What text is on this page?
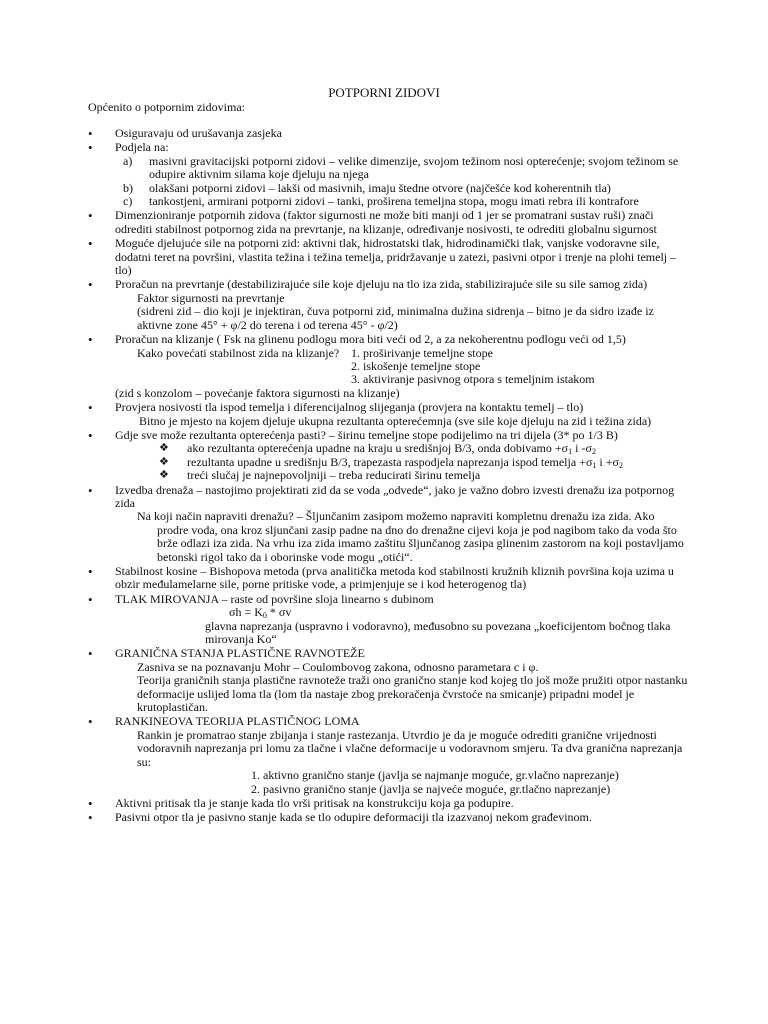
POTPORNI ZIDOVI
Općenito o potpornim zidovima:
• Osiguravaju od urušavanja zasjeka
• Podjela na:
a) masivni gravitacijski potporni zidovi – velike dimenzije, svojom težinom nosi opterećenje; svojom težinom se odupire aktivnim silama koje djeluju na njega
b) olakšani potporni zidovi – lakši od masivnih, imaju štedne otvore (najčešće kod koherentnih tla)
c) tankostjeni, armirani potporni zidovi – tanki, proširena temeljna stopa, mogu imati rebra ili kontrafore
• Dimenzioniranje potpornih zidova (faktor sigurnosti ne može biti manji od 1 jer se promatrani sustav ruši) znači odrediti stabilnost potpornog zida na prevrtanje, na klizanje, određivanje nosivosti, te odrediti globalnu sigurnost
• Moguće djelujuće sile na potporni zid: aktivni tlak, hidrostatski tlak, hidrodinamički tlak, vanjske vodoravne sile, dodatni teret na površini, vlastita težina i težina temelja, pridržavanje u zatezi, pasivni otpor i trenje na plohi temelj – tlo)
• Proračun na prevrtanje (destabilizirajuće sile koje djeluju na tlo iza zida, stabilizirajuće sile su sile samog zida)
Faktor sigurnosti na prevrtanje
(sidreni zid – dio koji je injektiran, čuva potporni zid, minimalna dužina sidrenja – bitno je da sidro izađe iz aktivne zone 45° + φ/2 do terena i od terena 45° - φ/2)
• Proračun na klizanje ( Fsk na glinenu podlogu mora biti veći od 2, a za nekoherentnu podlogu veći od 1,5)
Kako povećati stabilnost zida na klizanje? 1. proširivanje temeljne stope
2. iskošenje temeljne stope
3. aktiviranje pasivnog otpora s temeljnim istakom
(zid s konzolom – povećanje faktora sigurnosti na klizanje)
• Provjera nosivosti tla ispod temelja i diferencijalnog slijeganja (provjera na kontaktu temelj – tlo)
Bitno je mjesto na kojem djeluje ukupna rezultanta opterećemnja (sve sile koje djeluju na zid i težina zida)
• Gdje sve može rezultanta opterećenja pasti? – širinu temeljne stope podijelimo na tri dijela (3* po 1/3 B)
❖ ako rezultanta opterećenja upadne na kraju u središnjoj B/3, onda dobivamo $+\sigma_1$ i $-\sigma_2$
❖ rezultanta upadne u središnju B/3, trapezasta raspodjela naprezanja ispod temelja $+\sigma_1$ $i +\sigma_2$
❖ treći slučaj je najnepovoljniji – treba reducirati širinu temelja
• Izvedba drenaža – nastojimo projektirati zid da se voda „odvede“, jako je važno dobro izvesti drenažu iza potpornog zida
Na koji način napraviti drenažu? – Šljunčanim zasipom možemo napraviti kompletnu drenažu iza zida. Ako prodre voda, ona kroz sljunčani zasip padne na dno do drenažne cijevi koja je pod nagibom tako da voda što brže odlazi iza zida. Na vrhu iza zida imamo zaštitu šljunčanog zasipa glinenim zastorom na koji postavljamo betonski rigol tako da i oborinske vode mogu „otići“.
• Stabilnost kosine – Bishopova metoda (prva analitička metoda kod stabilnosti kružnih kliznih površina koja uzima u obzir međulamelarne sile, porne pritiske vode, a primjenjuje se i kod heterogenog tla)
• TLAK MIROVANJA – raste od površine sloja linearno s dubinom
$\sigma h = K_0 * \sigma v$
glavna naprezanja (uspravno i vodoravno), međusobno su povezana „koeficijentom bočnog tlaka mirovanja Ko“
• GRANIČNA STANJA PLASTIČNE RAVNOTEŽE
Zasniva se na poznavanju Mohr – Coulombovog zakona, odnosno parametara c i φ.
Teorija graničnih stanja plastične ravnoteže traži ono granično stanje kod kojeg tlo još može pružiti otpor nastanku deformacije uslijed loma tla (lom tla nastaje zbog prekoračenja čvrstoće na smicanje) pripadni model je krutoplastičan.
• RANKINEOVA TEORIJA PLASTIČNOG LOMA
Rankin je promatrao stanje zbijanja i stanje rastezanja. Utvrdio je da je moguće odrediti granične vrijednosti vodoravnih naprezanja pri lomu za tlačne i vlačne deformacije u vodoravnom smjeru. Ta dva granična naprezanja su:
1. aktivno granično stanje (javlja se najmanje moguće, gr.vlačno naprezanje)
2. pasivno granično stanje (javlja se najveće moguće, gr.tlačno naprezanje)
• Aktivni pritisak tla je stanje kada tlo vrši pritisak na konstrukciju koja ga podupire.
• Pasivni otpor tla je pasivno stanje kada se tlo odupire deformaciji tla izazvanoj nekom građevinom.
